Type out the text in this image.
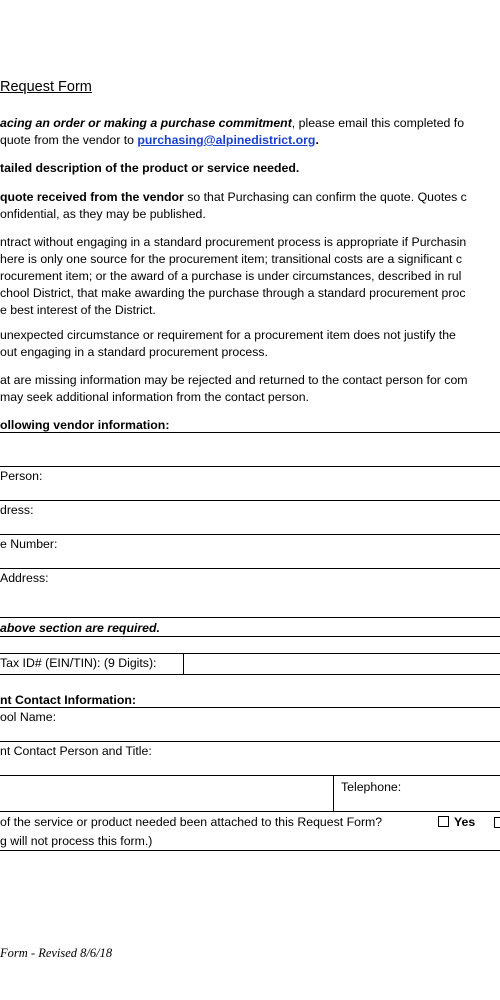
Request Form
acing an order or making a purchase commitment, please email this completed fo
quote from the vendor to purchasing@alpinedistrict.org.
tailed description of the product or service needed.
quote received from the vendor so that Purchasing can confirm the quote. Quotes c
onfidential, as they may be published.
ntract without engaging in a standard procurement process is appropriate if Purchasin
here is only one source for the procurement item; transitional costs are a significant c
rocurement item; or the award of a purchase is under circumstances, described in rul
chool District, that make awarding the purchase through a standard procurement proc
e best interest of the District.
unexpected circumstance or requirement for a procurement item does not justify the
out engaging in a standard procurement process.
at are missing information may be rejected and returned to the contact person for com
may seek additional information from the contact person.
ollowing vendor information:
Person:
dress:
e Number:
Address:
above section are required.
Tax ID# (EIN/TIN): (9 Digits):
nt Contact Information:
ool Name:
nt Contact Person and Title:
Telephone:
of the service or product needed been attached to this Request Form?	Yes
g will not process this form.)
Form - Revised 8/6/18
